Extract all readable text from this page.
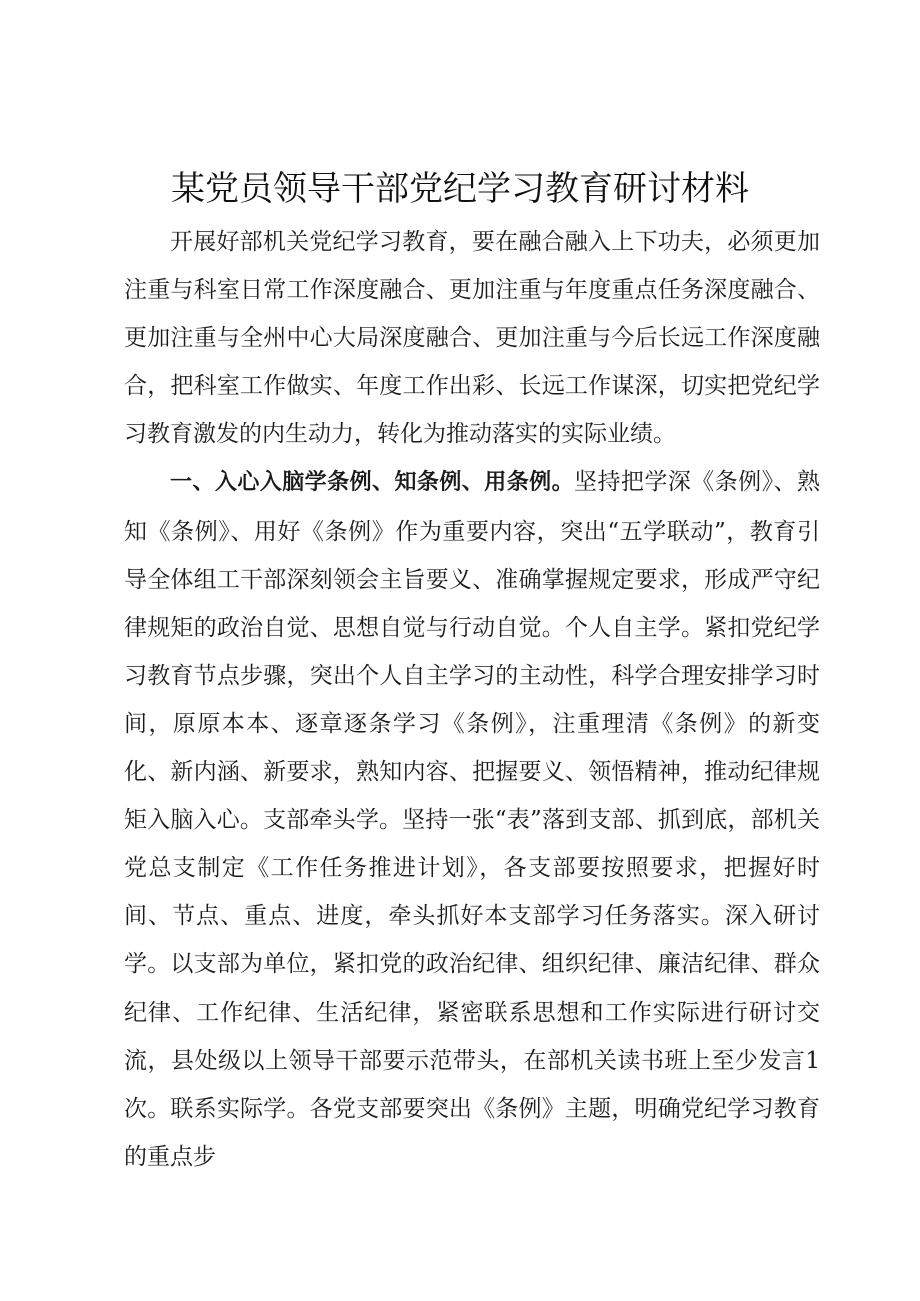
某党员领导干部党纪学习教育研讨材料

开展好部机关党纪学习教育，要在融合融入上下功夫，必须更加注重与科室日常工作深度融合、更加注重与年度重点任务深度融合、更加注重与全州中心大局深度融合、更加注重与今后长远工作深度融合，把科室工作做实、年度工作出彩、长远工作谋深，切实把党纪学习教育激发的内生动力，转化为推动落实的实际业绩。

一、入心入脑学条例、知条例、用条例。坚持把学深《条例》、熟知《条例》、用好《条例》作为重要内容，突出“五学联动”，教育引导全体组工干部深刻领会主旨要义、准确掌握规定要求，形成严守纪律规矩的政治自觉、思想自觉与行动自觉。个人自主学。紧扣党纪学习教育节点步骤，突出个人自主学习的主动性，科学合理安排学习时间，原原本本、逐章逐条学习《条例》，注重理清《条例》的新变化、新内涵、新要求，熟知内容、把握要义、领悟精神，推动纪律规矩入脑入心。支部牵头学。坚持一张“表”落到支部、抓到底，部机关党总支制定《工作任务推进计划》，各支部要按照要求，把握好时间、节点、重点、进度，牵头抓好本支部学习任务落实。深入研讨学。以支部为单位，紧扣党的政治纪律、组织纪律、廉洁纪律、群众纪律、工作纪律、生活纪律，紧密联系思想和工作实际进行研讨交流，县处级以上领导干部要示范带头，在部机关读书班上至少发言1次。联系实际学。各党支部要突出《条例》主题，明确党纪学习教育的重点步
